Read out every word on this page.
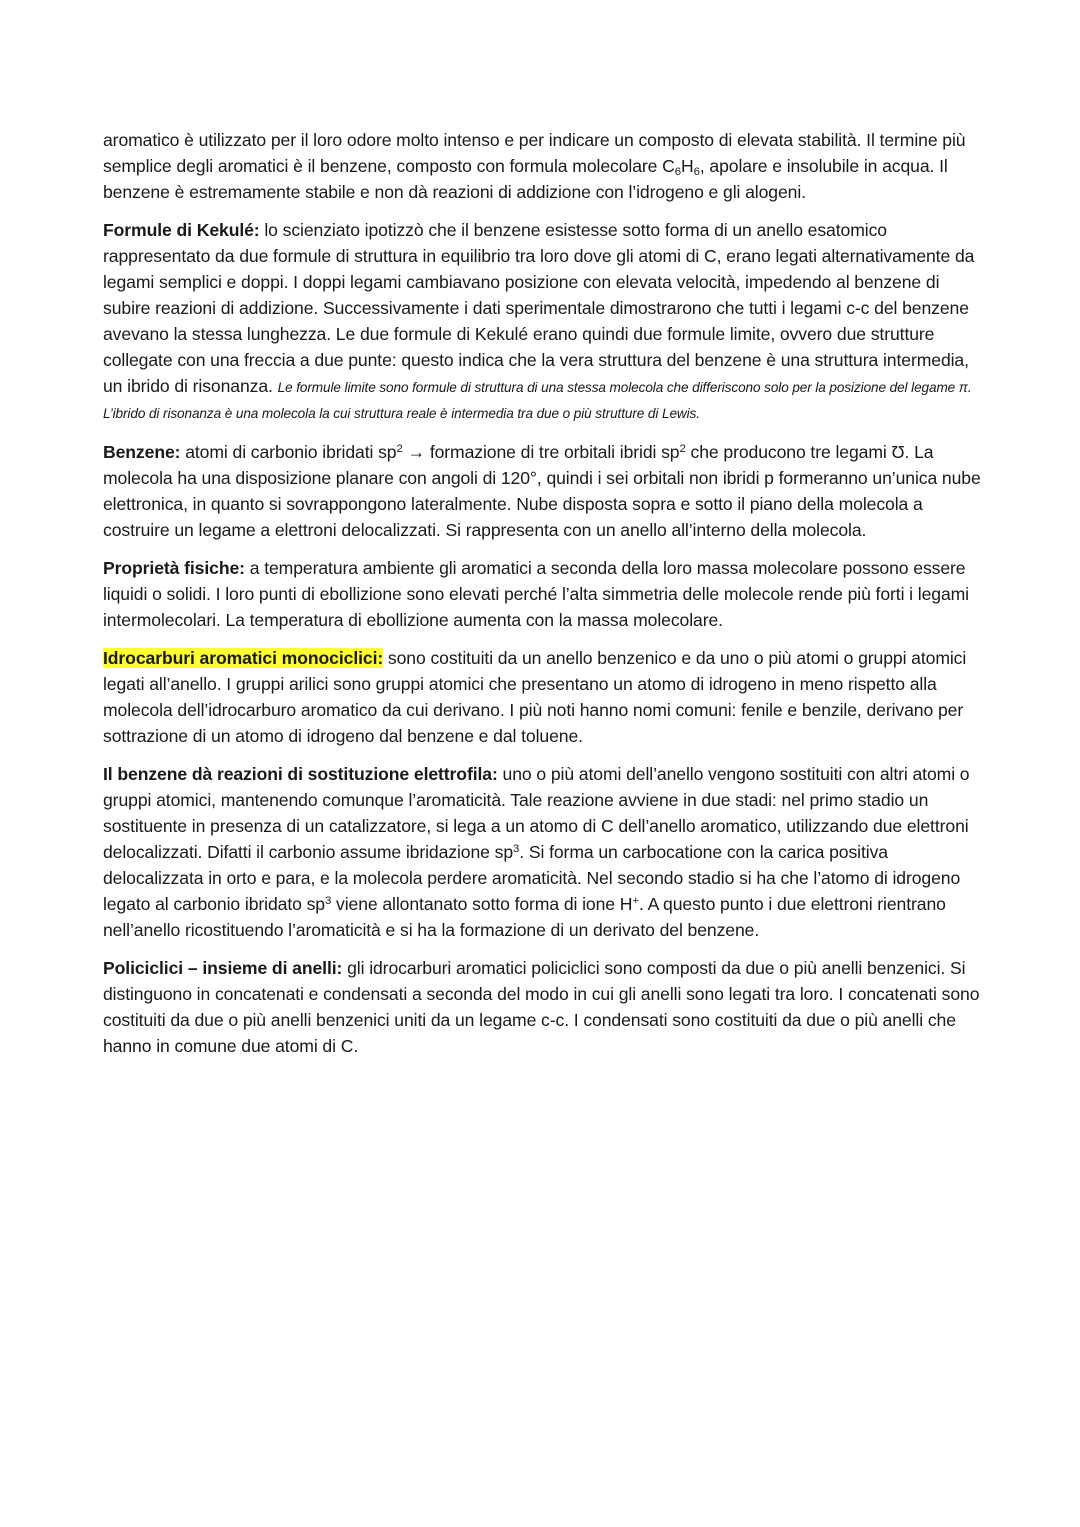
aromatico è utilizzato per il loro odore molto intenso e per indicare un composto di elevata stabilità. Il termine più semplice degli aromatici è il benzene, composto con formula molecolare $C_6H_6$, apolare e insolubile in acqua. Il benzene è estremamente stabile e non dà reazioni di addizione con l’idrogeno e gli alogeni.

Formule di Kekulé: lo scienziato ipotizzò che il benzene esistesse sotto forma di un anello esatomico rappresentato da due formule di struttura in equilibrio tra loro dove gli atomi di C, erano legati alternativamente da legami semplici e doppi. I doppi legami cambiavano posizione con elevata velocità, impedendo al benzene di subire reazioni di addizione. Successivamente i dati sperimentale dimostrarono che tutti i legami c-c del benzene avevano la stessa lunghezza. Le due formule di Kekulé erano quindi due formule limite, ovvero due strutture collegate con una freccia a due punte: questo indica che la vera struttura del benzene è una struttura intermedia, un ibrido di risonanza. Le formule limite sono formule di struttura di una stessa molecola che differiscono solo per la posizione del legame π. L’ibrido di risonanza è una molecola la cui struttura reale è intermedia tra due o più strutture di Lewis.

Benzene: atomi di carbonio ibridati $sp^2$ → formazione di tre orbitali ibridi $sp^2$ che producono tre legami Ʊ. La molecola ha una disposizione planare con angoli di 120°, quindi i sei orbitali non ibridi p formeranno un’unica nube elettronica, in quanto si sovrappongono lateralmente. Nube disposta sopra e sotto il piano della molecola a costruire un legame a elettroni delocalizzati. Si rappresenta con un anello all’interno della molecola.

Proprietà fisiche: a temperatura ambiente gli aromatici a seconda della loro massa molecolare possono essere liquidi o solidi. I loro punti di ebollizione sono elevati perché l’alta simmetria delle molecole rende più forti i legami intermolecolari. La temperatura di ebollizione aumenta con la massa molecolare.

Idrocarburi aromatici monociclici: sono costituiti da un anello benzenico e da uno o più atomi o gruppi atomici legati all’anello. I gruppi arilici sono gruppi atomici che presentano un atomo di idrogeno in meno rispetto alla molecola dell’idrocarburo aromatico da cui derivano. I più noti hanno nomi comuni: fenile e benzile, derivano per sottrazione di un atomo di idrogeno dal benzene e dal toluene.

Il benzene dà reazioni di sostituzione elettrofila: uno o più atomi dell’anello vengono sostituiti con altri atomi o gruppi atomici, mantenendo comunque l’aromaticità. Tale reazione avviene in due stadi: nel primo stadio un sostituente in presenza di un catalizzatore, si lega a un atomo di C dell’anello aromatico, utilizzando due elettroni delocalizzati. Difatti il carbonio assume ibridazione $sp^3$. Si forma un carbocatione con la carica positiva delocalizzata in orto e para, e la molecola perdere aromaticità. Nel secondo stadio si ha che l’atomo di idrogeno legato al carbonio ibridato $sp^3$ viene allontanato sotto forma di ione H+. A questo punto i due elettroni rientrano nell’anello ricostituendo l’aromaticità e si ha la formazione di un derivato del benzene.

Policiclici – insieme di anelli: gli idrocarburi aromatici policiclici sono composti da due o più anelli benzenici. Si distinguono in concatenati e condensati a seconda del modo in cui gli anelli sono legati tra loro. I concatenati sono costituiti da due o più anelli benzenici uniti da un legame c-c. I condensati sono costituiti da due o più anelli che hanno in comune due atomi di C.
